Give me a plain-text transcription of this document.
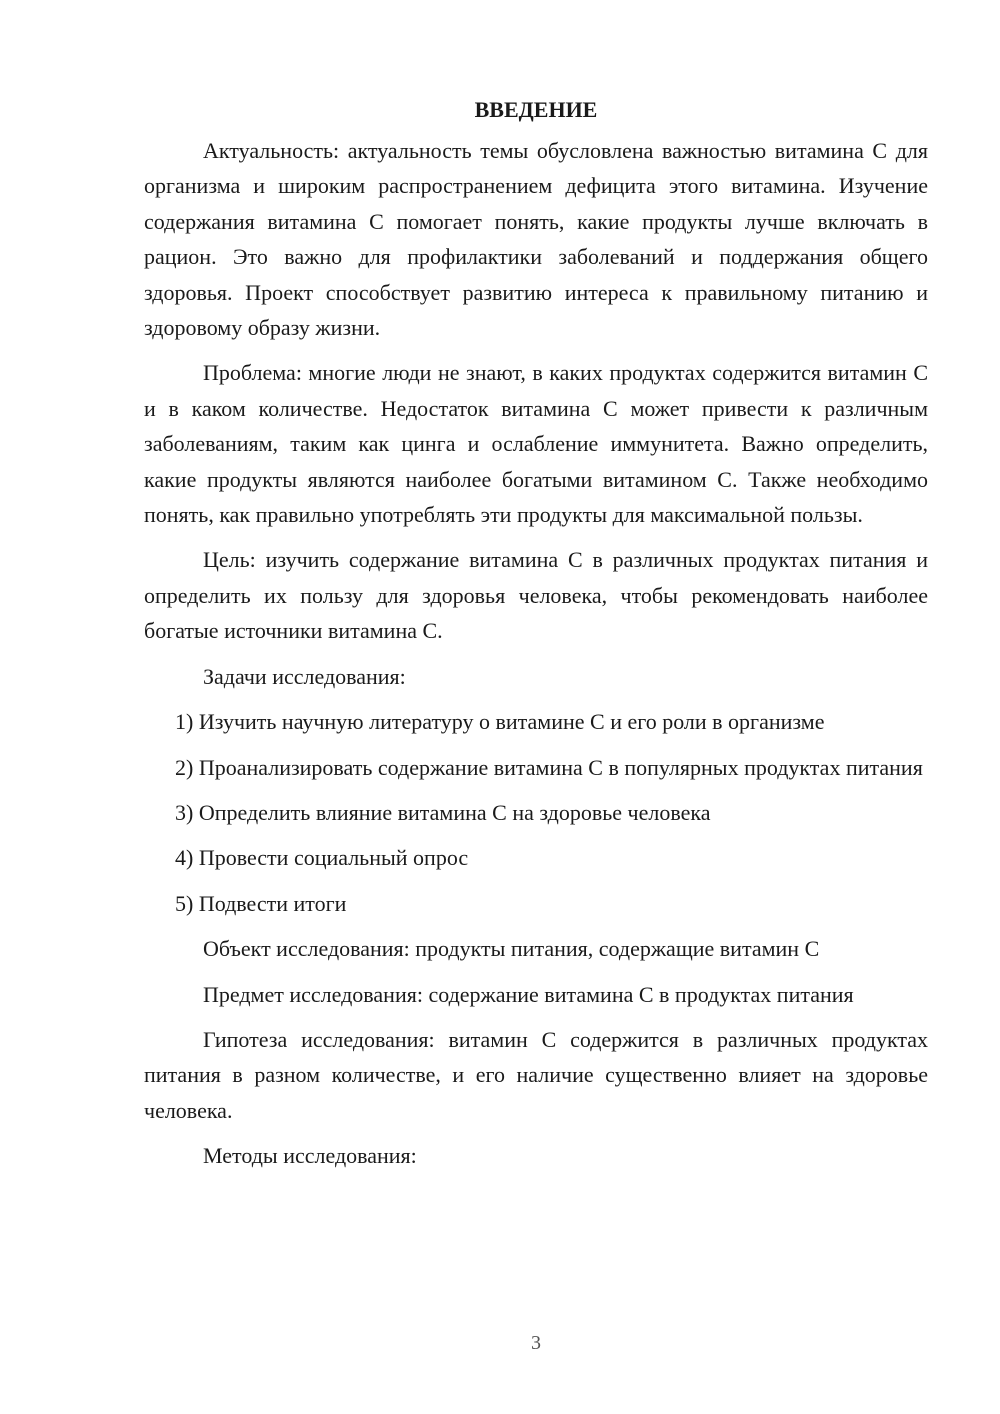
ВВЕДЕНИЕ

Актуальность: актуальность темы обусловлена важностью витамина С для организма и широким распространением дефицита этого витамина. Изучение содержания витамина С помогает понять, какие продукты лучше включать в рацион. Это важно для профилактики заболеваний и поддержания общего здоровья. Проект способствует развитию интереса к правильному питанию и здоровому образу жизни.

Проблема: многие люди не знают, в каких продуктах содержится витамин С и в каком количестве. Недостаток витамина С может привести к различным заболеваниям, таким как цинга и ослабление иммунитета. Важно определить, какие продукты являются наиболее богатыми витамином С. Также необходимо понять, как правильно употреблять эти продукты для максимальной пользы.

Цель: изучить содержание витамина С в различных продуктах питания и определить их пользу для здоровья человека, чтобы рекомендовать наиболее богатые источники витамина С.

Задачи исследования:

1) Изучить научную литературу о витамине С и его роли в организме

2) Проанализировать содержание витамина С в популярных продуктах питания

3) Определить влияние витамина С на здоровье человека

4) Провести социальный опрос

5) Подвести итоги

Объект исследования: продукты питания, содержащие витамин С

Предмет исследования: содержание витамина С в продуктах питания

Гипотеза исследования: витамин С содержится в различных продуктах питания в разном количестве, и его наличие существенно влияет на здоровье человека.

Методы исследования:

3
